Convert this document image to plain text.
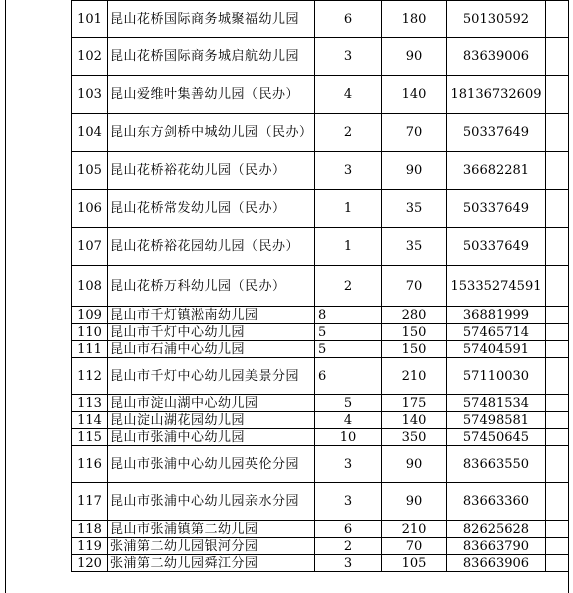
101	昆山花桥国际商务城聚福幼儿园	6	180	50130592	
102	昆山花桥国际商务城启航幼儿园	3	90	83639006	
103	昆山爱维叶集善幼儿园（民办）	4	140	18136732609	
104	昆山东方剑桥中城幼儿园（民办）	2	70	50337649	
105	昆山花桥裕花幼儿园（民办）	3	90	36682281	
106	昆山花桥常发幼儿园（民办）	1	35	50337649	
107	昆山花桥裕花园幼儿园（民办）	1	35	50337649	
108	昆山花桥万科幼儿园（民办）	2	70	15335274591	
109	昆山市千灯镇淞南幼儿园	8	280	36881999	
110	昆山市千灯中心幼儿园	5	150	57465714	
111	昆山市石浦中心幼儿园	5	150	57404591	
112	昆山市千灯中心幼儿园美景分园	6	210	57110030	
113	昆山市淀山湖中心幼儿园	5	175	57481534	
114	昆山淀山湖花园幼儿园	4	140	57498581	
115	昆山市张浦中心幼儿园	10	350	57450645	
116	昆山市张浦中心幼儿园英伦分园	3	90	83663550	
117	昆山市张浦中心幼儿园亲水分园	3	90	83663360	
118	昆山市张浦镇第二幼儿园	6	210	82625628	
119	张浦第二幼儿园银河分园	2	70	83663790	
120	张浦第二幼儿园舜江分园	3	105	83663906	
